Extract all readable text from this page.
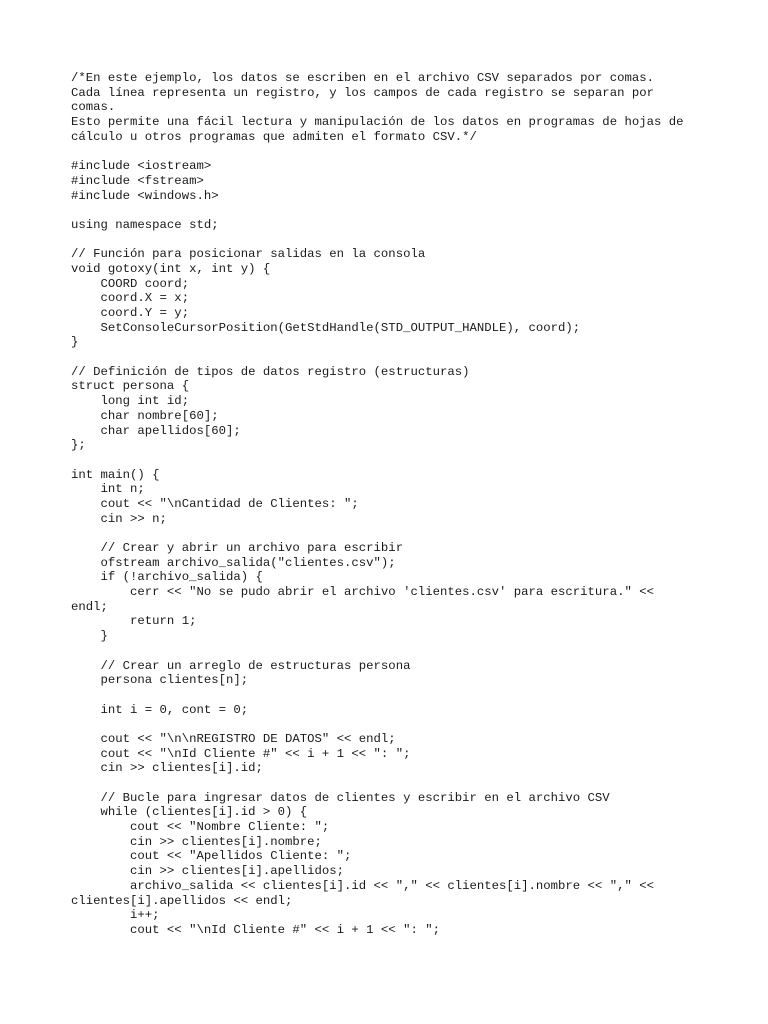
/*En este ejemplo, los datos se escriben en el archivo CSV separados por comas.
Cada línea representa un registro, y los campos de cada registro se separan por
comas.
Esto permite una fácil lectura y manipulación de los datos en programas de hojas de
cálculo u otros programas que admiten el formato CSV.*/
#include <iostream>
#include <fstream>
#include <windows.h>
using namespace std;
// Función para posicionar salidas en la consola
void gotoxy(int x, int y) {
COORD coord;
coord.X = x;
coord.Y = y;
SetConsoleCursorPosition(GetStdHandle(STD_OUTPUT_HANDLE), coord);
}
// Definición de tipos de datos registro (estructuras)
struct persona {
long int id;
char nombre[60];
char apellidos[60];
};
int main() {
int n;
cout << "\nCantidad de Clientes: ";
cin >> n;
// Crear y abrir un archivo para escribir
ofstream archivo_salida("clientes.csv");
if (!archivo_salida) {
cerr << "No se pudo abrir el archivo 'clientes.csv' para escritura." <<
endl;
return 1;
}
// Crear un arreglo de estructuras persona
persona clientes[n];
int i = 0, cont = 0;
cout << "\n\nREGISTRO DE DATOS" << endl;
cout << "\nId Cliente #" << i + 1 << ": ";
cin >> clientes[i].id;
// Bucle para ingresar datos de clientes y escribir en el archivo CSV
while (clientes[i].id > 0) {
cout << "Nombre Cliente: ";
cin >> clientes[i].nombre;
cout << "Apellidos Cliente: ";
cin >> clientes[i].apellidos;
archivo_salida << clientes[i].id << "," << clientes[i].nombre << "," <<
clientes[i].apellidos << endl;
i++;
cout << "\nId Cliente #" << i + 1 << ": ";
